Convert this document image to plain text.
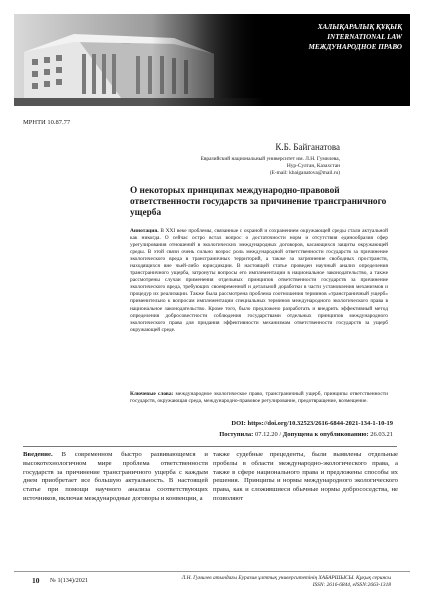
ХАЛЫҚАРАЛЫҚ ҚҰҚЫҚ
INTERNATIONAL LAW
МЕЖДУНАРОДНОЕ ПРАВО
МРНТИ 10.87.77
К.Б. Байганатова
Евразийский национальный университет им. Л.Н. Гумилева,
Нур-Султан, Казахстан
(E-mail: kbaiganatova@mail.ru)
О некоторых принципах международно-правовой ответственности государств за причинение трансграничного ущерба
Аннотация. В XXI веке проблемы, связанные с охраной и сохранением окружающей среды стали актуальной как никогда. О сейчас остро встал вопрос о достаточности норм и отсутствия единообразия сфер урегулирования отношений в экологических международных договоров, касающихся защиты окружающей среды. В этой связи очень сильно возрос роль международной ответственности государств за причинение экологического вреда в трансграничных территорий, а также за загрязнение свободных пространств, находящихся вне чьей-либо юрисдикции. В настоящей статье проведен научный анализ определения трансграничного ущерба, затронуты вопросы его имплементации в национальное законодательство, а также рассмотрены случаи применения отдельных принципов ответственности государств за причинение экологического вреда, требующих своевременной и детальной доработки в части установления механизмов и процедур их реализации. Также была рассмотрена проблема соотношения терминов «трансграничный ущерб» применительно к вопросам имплементации специальных терминов международного экологического права в национальное законодательство. Кроме того, было предложено разработать и внедрить эффективный метод определения добросовестности соблюдения государствами отдельных принципов международного экологического права для придания эффективности механизмам ответственности государств за ущерб окружающей среде.
Ключевые слова: международное экологическое право, трансграничный ущерб, принципы ответственности государств, окружающая среда, международно-правовое регулирование, предотвращение, возмещение.
DOI: https://doi.org/10.32523/2616-6844-2021-134-1-10-19
Поступила: 07.12.20 / Допущена к опубликованию: 26.03.21
Введение. В современном быстро развивающемся и высокотехнологичном мире проблема ответственности государств за причинение трансграничного ущерба с каждым днем приобретает все большую актуальность. В настоящей статье при помощи научного анализа соответствующих источников, включая международные договоры и конвенции, а
также судебные прецеденты, были выявлены отдельные пробелы в области международно-экологического права, а также в сфере национального права и предложены способы их решения.  Принципы и нормы международного экологического права, как и сложившиеся обычные нормы добрососедства, не позволяют
10 № 1(134)/2021	Л.Н. Гумилев атындағы Еуразия ұлттық университетінің ХАБАРШЫСЫ. Құқық сериясы
ISSN: 2616-6844, eISSN:2663-1318
